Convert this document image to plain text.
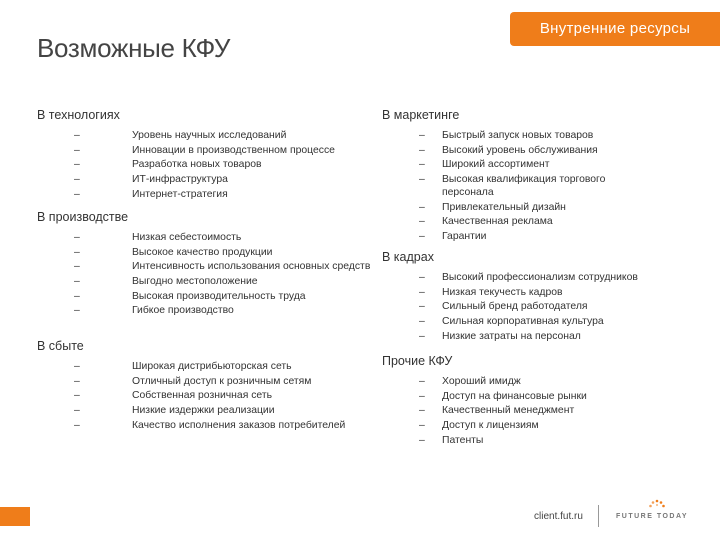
Внутренние ресурсы
Возможные КФУ
В технологиях
–	Уровень научных исследований
–	Инновации в производственном процессе
–	Разработка новых товаров
–	ИТ-инфраструктура
–	Интернет-стратегия
В производстве
–	Низкая себестоимость
–	Высокое качество продукции
–	Интенсивность использования основных средств
–	Выгодно местоположение
–	Высокая производительность труда
–	Гибкое производство
В сбыте
–	Широкая дистрибьюторская сеть
–	Отличный доступ к розничным сетям
–	Собственная розничная сеть
–	Низкие издержки реализации
–	Качество исполнения заказов потребителей
В маркетинге
– Быстрый запуск новых товаров
– Высокий уровень обслуживания
– Широкий ассортимент
– Высокая квалификация торгового персонала
– Привлекательный дизайн
– Качественная реклама
– Гарантии
В кадрах
– Высокий профессионализм сотрудников
– Низкая текучесть кадров
– Сильный бренд работодателя
– Сильная корпоративная культура
– Низкие затраты на персонал
Прочие КФУ
– Хороший имидж
– Доступ на финансовые рынки
– Качественный менеджмент
– Доступ к лицензиям
– Патенты
client.fut.ru	FUTURE TODAY
